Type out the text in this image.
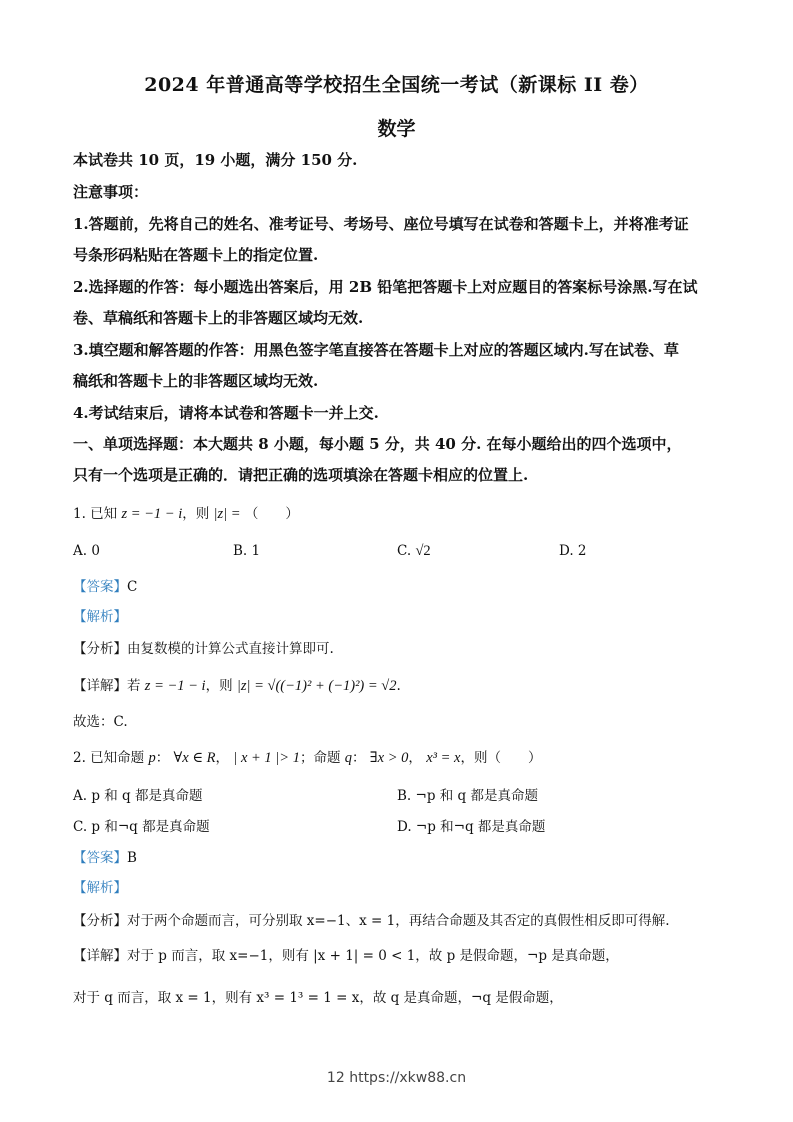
2024 年普通高等学校招生全国统一考试（新课标 II 卷）
数学
本试卷共 10 页，19 小题，满分 150 分.
注意事项：
1.答题前，先将自己的姓名、准考证号、考场号、座位号填写在试卷和答题卡上，并将准考证
号条形码粘贴在答题卡上的指定位置.
2.选择题的作答：每小题选出答案后，用 2B 铅笔把答题卡上对应题目的答案标号涂黑.写在试
卷、草稿纸和答题卡上的非答题区域均无效.
3.填空题和解答题的作答：用黑色签字笔直接答在答题卡上对应的答题区域内.写在试卷、草
稿纸和答题卡上的非答题区域均无效.
4.考试结束后，请将本试卷和答题卡一并上交.
一、单项选择题：本大题共 8 小题，每小题 5 分，共 40 分. 在每小题给出的四个选项中，
只有一个选项是正确的．请把正确的选项填涂在答题卡相应的位置上.
1. 已知 z = −1 − i，则 |z| = （　　）
A. 0	B. 1	C. √2	D. 2
【答案】C
【解析】
【分析】由复数模的计算公式直接计算即可.
【详解】若 z = −1 − i，则 |z| = √((−1)² + (−1)²) = √2.
故选：C.
2. 已知命题 p： ∀x ∈ R， | x + 1 |> 1；命题 q： ∃x > 0， x³ = x，则（　　）
A. p 和 q 都是真命题	B. ¬p 和 q 都是真命题
C. p 和¬q 都是真命题	D. ¬p 和¬q 都是真命题
【答案】B
【解析】
【分析】对于两个命题而言，可分别取 x=−1、x = 1，再结合命题及其否定的真假性相反即可得解.
【详解】对于 p 而言，取 x=−1，则有 |x + 1| = 0 < 1，故 p 是假命题，¬p 是真命题，
对于 q 而言，取 x = 1，则有 x³ = 1³ = 1 = x，故 q 是真命题，¬q 是假命题，
12 https://xkw88.cn
